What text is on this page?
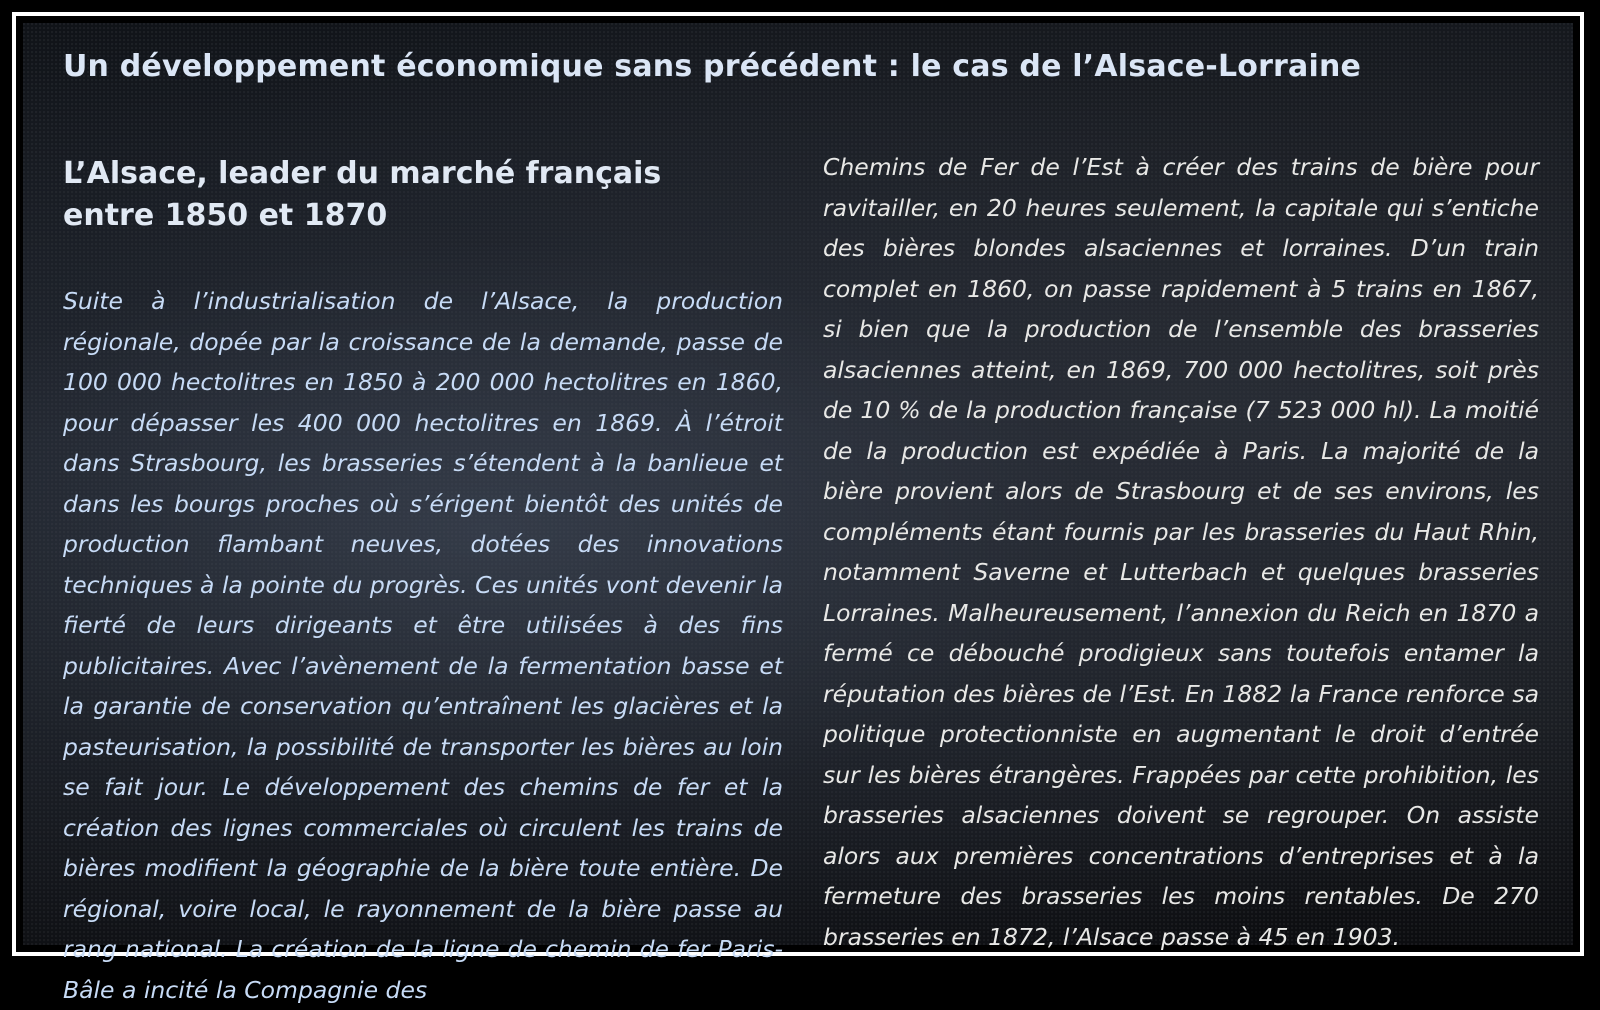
Un développement économique sans précédent : le cas de l’Alsace-Lorraine
L’Alsace, leader du marché français
entre 1850 et 1870

Suite à l’industrialisation de l’Alsace, la production régionale, dopée par la croissance de la demande, passe de 100 000 hectolitres en 1850 à 200 000 hectolitres en 1860, pour dépasser les 400 000 hectolitres en 1869. À l’étroit dans Strasbourg, les brasseries s’étendent à la banlieue et dans les bourgs proches où s’érigent bientôt des unités de production flambant neuves, dotées des innovations techniques à la pointe du progrès. Ces unités vont devenir la fierté de leurs dirigeants et être utilisées à des fins publicitaires. Avec l’avènement de la fermentation basse et la garantie de conservation qu’entraînent les glacières et la pasteurisation, la possibilité de transporter les bières au loin se fait jour. Le développement des chemins de fer et la création des lignes commerciales où circulent les trains de bières modifient la géographie de la bière toute entière. De régional, voire local, le rayonnement de la bière passe au rang national. La création de la ligne de chemin de fer Paris-Bâle a incité la Compagnie des

Chemins de Fer de l’Est à créer des trains de bière pour ravitailler, en 20 heures seulement, la capitale qui s’entiche des bières blondes alsaciennes et lorraines. D’un train complet en 1860, on passe rapidement à 5 trains en 1867, si bien que la production de l’ensemble des brasseries alsaciennes atteint, en 1869, 700 000 hectolitres, soit près de 10 % de la production française (7 523 000 hl). La moitié de la production est expédiée à Paris. La majorité de la bière provient alors de Strasbourg et de ses environs, les compléments étant fournis par les brasseries du Haut Rhin, notamment Saverne et Lutterbach et quelques brasseries Lorraines. Malheureusement, l’annexion du Reich en 1870 a fermé ce débouché prodigieux sans toutefois entamer la réputation des bières de l’Est. En 1882 la France renforce sa politique protectionniste en augmentant le droit d’entrée sur les bières étrangères. Frappées par cette prohibition, les brasseries alsaciennes doivent se regrouper. On assiste alors aux premières concentrations d’entreprises et à la fermeture des brasseries les moins rentables. De 270 brasseries en 1872, l’Alsace passe à 45 en 1903.
